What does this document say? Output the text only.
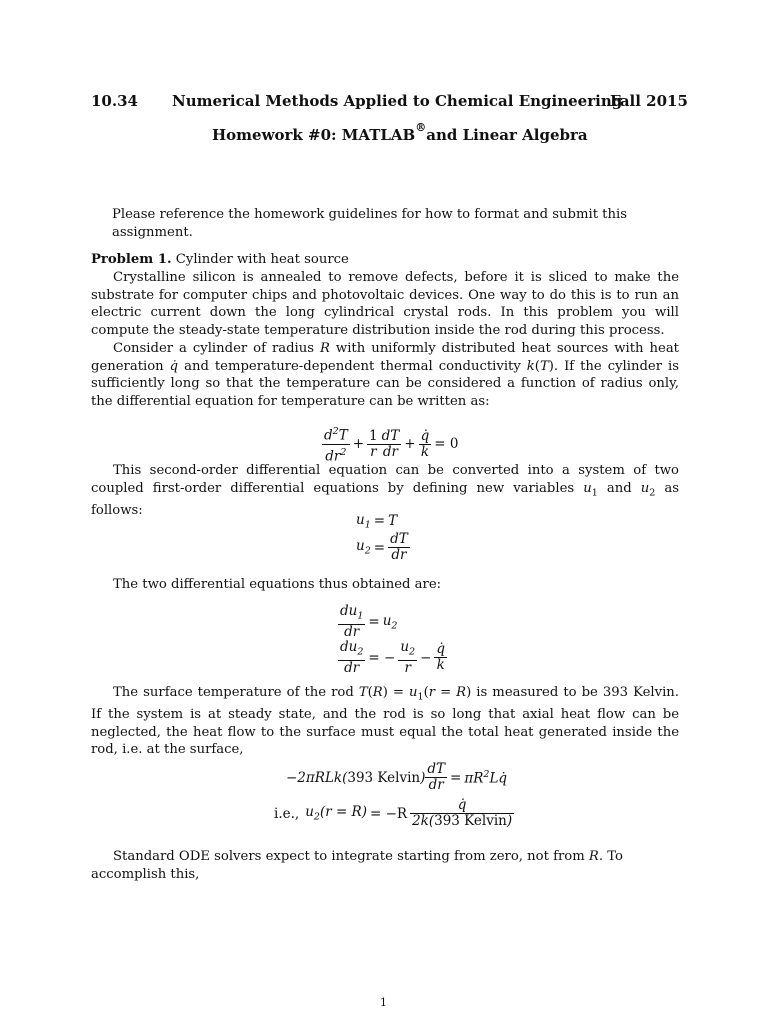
10.34 Numerical Methods Applied to Chemical Engineering
Fall 2015
Homework #0: MATLAB®and Linear Algebra
Please reference the homework guidelines for how to format and submit this assignment.
Problem 1. Cylinder with heat source
Crystalline silicon is annealed to remove defects, before it is sliced to make the substrate for computer chips and photovoltaic devices. One way to do this is to run an electric current down the long cylindrical crystal rods. In this problem you will compute the steady-state temperature distribution inside the rod during this process.
Consider a cylinder of radius R with uniformly distributed heat sources with heat generation q̇ and temperature-dependent thermal conductivity k(T). If the cylinder is sufficiently long so that the temperature can be considered a function of radius only, the differential equation for temperature can be written as:
$\frac{d^2T}{dr^2} + \frac{1}{r} \frac{dT}{dr} + \frac{q̇}{k} = 0$
This second-order differential equation can be converted into a system of two coupled first-order differential equations by defining new variables $u_1$ and $u_2$ as follows:
$u_1 = T$
$u_2 = \frac{dT}{dr}$
The two differential equations thus obtained are:
$\frac{du_1}{dr} = u_2$
$\frac{du_2}{dr}$ = − $\frac{u_2}{r} - \frac{q̇}{k}$
The surface temperature of the rod $T(R) = u_1(r = R)$ is measured to be 393 Kelvin. If the system is at steady state, and the rod is so long that axial heat flow can be neglected, the heat flow to the surface must equal the total heat generated inside the rod, i.e. at the surface,
−2πRLk(393 Kelvin) $\frac{dT}{dr}$ = $\pi R^2Lq̇$
i.e., $u_2(r = R) = -R \frac{q̇}{\text{2k(393 Kelvin)}}$
Standard ODE solvers expect to integrate starting from zero, not from R. To accomplish this,
1
